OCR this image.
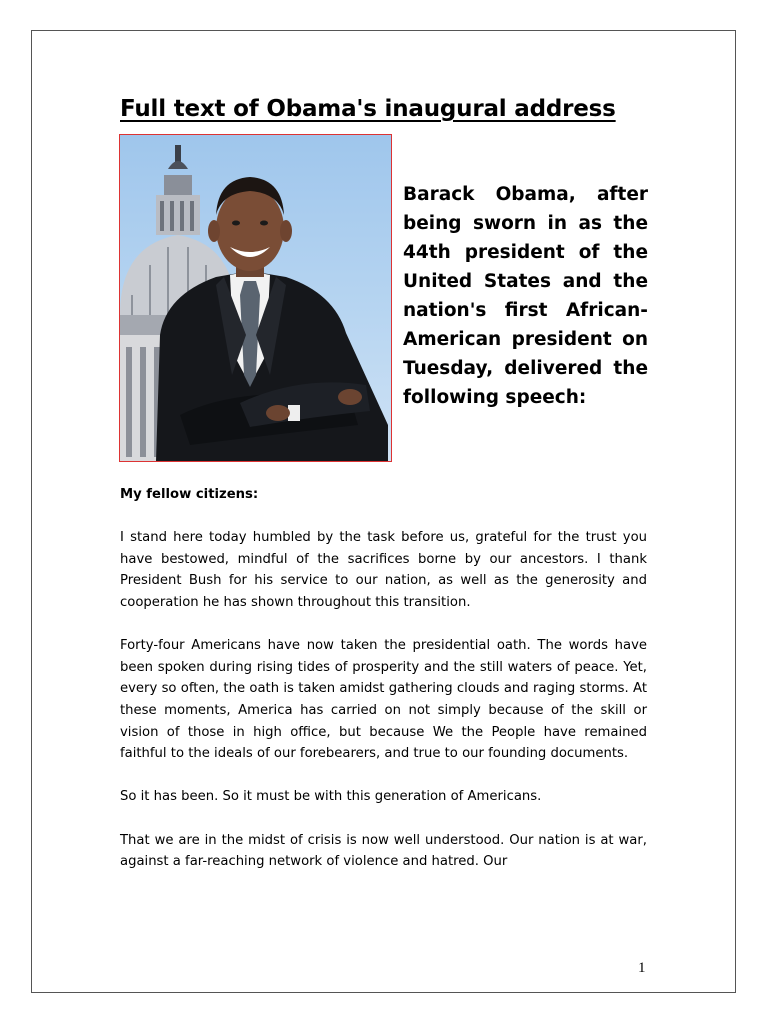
Full text of Obama's inaugural address

Barack Obama, after being sworn in as the 44th president of the United States and the nation's first African-American president on Tuesday, delivered the following speech:

My fellow citizens:

I stand here today humbled by the task before us, grateful for the trust you have bestowed, mindful of the sacrifices borne by our ancestors. I thank President Bush for his service to our nation, as well as the generosity and cooperation he has shown throughout this transition.

Forty-four Americans have now taken the presidential oath. The words have been spoken during rising tides of prosperity and the still waters of peace. Yet, every so often, the oath is taken amidst gathering clouds and raging storms. At these moments, America has carried on not simply because of the skill or vision of those in high office, but because We the People have remained faithful to the ideals of our forebearers, and true to our founding documents.

So it has been. So it must be with this generation of Americans.

That we are in the midst of crisis is now well understood. Our nation is at war, against a far-reaching network of violence and hatred. Our

1
